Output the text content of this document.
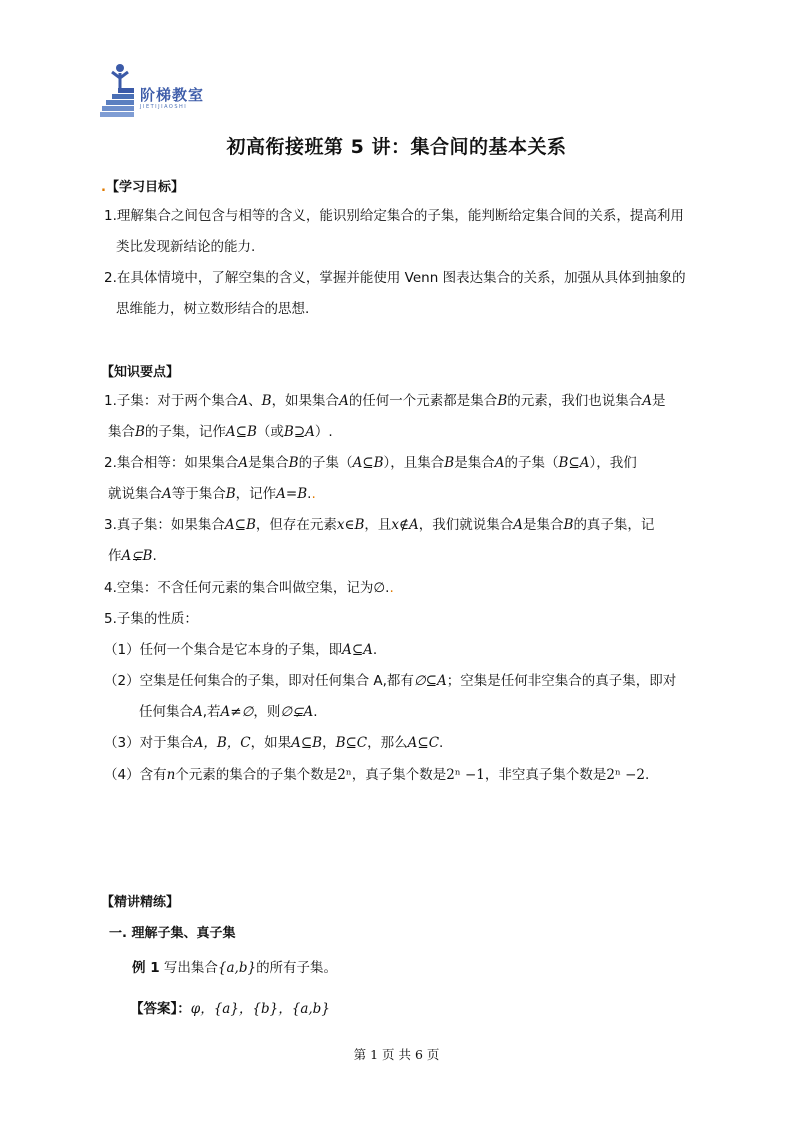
阶梯教室
JIETIJIAOSHI
初高衔接班第 5 讲：集合间的基本关系
.【学习目标】
1.理解集合之间包含与相等的含义，能识别给定集合的子集，能判断给定集合间的关系，提高利用
类比发现新结论的能力.
2.在具体情境中，了解空集的含义，掌握并能使用 Venn 图表达集合的关系，加强从具体到抽象的
思维能力，树立数形结合的思想.
【知识要点】
1.子集：对于两个集合A、B，如果集合A的任何一个元素都是集合B的元素，我们也说集合A是
集合B的子集，记作A⊆B（或B⊇A）.
2.集合相等：如果集合A是集合B的子集（A⊆B），且集合B是集合A的子集（B⊆A），我们
就说集合A等于集合B，记作A=B..
3.真子集：如果集合A⊆B，但存在元素x∈B，且x∉A，我们就说集合A是集合B的真子集，记
作A⊊B.
4.空集：不含任何元素的集合叫做空集，记为∅..
5.子集的性质：
（1）任何一个集合是它本身的子集，即A⊆A.
（2）空集是任何集合的子集，即对任何集合 A,都有∅⊆A；空集是任何非空集合的真子集，即对
任何集合A,若A≠∅，则∅⊊A.
（3）对于集合A，B，C，如果A⊆B，B⊆C，那么A⊆C.
（4）含有n个元素的集合的子集个数是2ⁿ，真子集个数是2ⁿ −1，非空真子集个数是2ⁿ −2.
【精讲精练】
一. 理解子集、真子集
例 1 写出集合{a,b}的所有子集。
【答案】：φ，{a}，{b}，{a,b}
第 1 页 共 6 页
